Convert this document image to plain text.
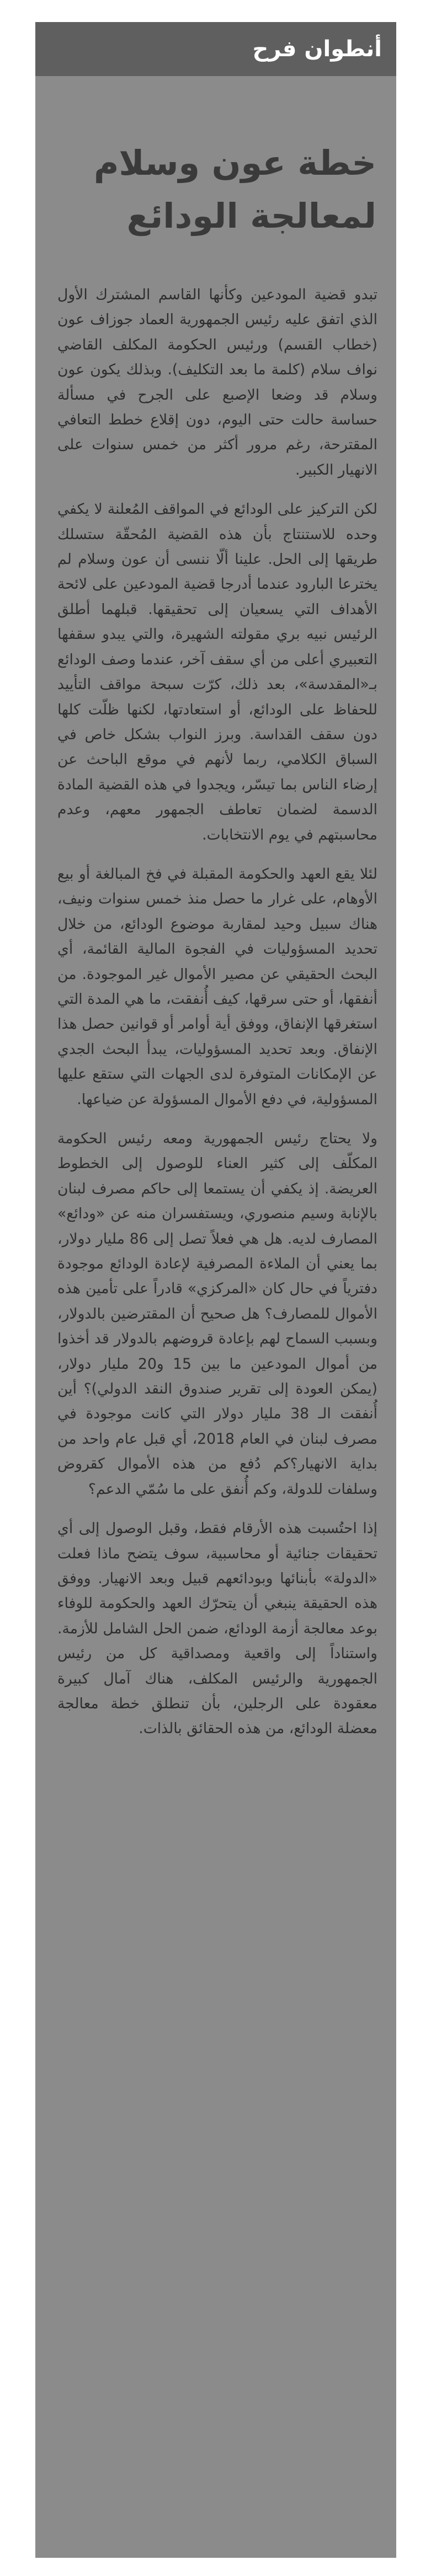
أنطوان فرح
خطة عون وسلام لمعالجة الودائع

تبدو قضية المودعين وكأنها القاسم المشترك الأول الذي اتفق عليه رئيس الجمهورية العماد جوزاف عون (خطاب القسم) ورئيس الحكومة المكلف القاضي نواف سلام (كلمة ما بعد التكليف). وبذلك يكون عون وسلام قد وضعا الإصبع على الجرح في مسألة حساسة حالت حتى اليوم، دون إقلاع خطط التعافي المقترحة، رغم مرور أكثر من خمس سنوات على الانهيار الكبير.

لكن التركيز على الودائع في المواقف المُعلنة لا يكفي وحده للاستنتاج بأن هذه القضية المُحقّة ستسلك طريقها إلى الحل. علينا ألّا ننسى أن عون وسلام لم يخترعا البارود عندما أدرجا قضية المودعين على لائحة الأهداف التي يسعيان إلى تحقيقها. قبلهما أطلق الرئيس نبيه بري مقولته الشهيرة، والتي يبدو سقفها التعبيري أعلى من أي سقف آخر، عندما وصف الودائع بـ«المقدسة»، بعد ذلك، كرّت سبحة مواقف التأييد للحفاظ على الودائع، أو استعادتها، لكنها ظلّت كلها دون سقف القداسة. وبرز النواب بشكل خاص في السباق الكلامي، ربما لأنهم في موقع الباحث عن إرضاء الناس بما تيسّر، ويجدوا في هذه القضية المادة الدسمة لضمان تعاطف الجمهور معهم، وعدم محاسبتهم في يوم الانتخابات.

لئلا يقع العهد والحكومة المقبلة في فخ المبالغة أو بيع الأوهام، على غرار ما حصل منذ خمس سنوات ونيف، هناك سبيل وحيد لمقاربة موضوع الودائع، من خلال تحديد المسؤوليات في الفجوة المالية القائمة، أي البحث الحقيقي عن مصير الأموال غير الموجودة. من أنفقها، أو حتى سرقها، كيف أُنفقت، ما هي المدة التي استغرقها الإنفاق، ووفق أية أوامر أو قوانين حصل هذا الإنفاق. وبعد تحديد المسؤوليات، يبدأ البحث الجدي عن الإمكانات المتوفرة لدى الجهات التي ستقع عليها المسؤولية، في دفع الأموال المسؤولة عن ضياعها.

ولا يحتاج رئيس الجمهورية ومعه رئيس الحكومة المكلّف إلى كثير العناء للوصول إلى الخطوط العريضة. إذ يكفي أن يستمعا إلى حاكم مصرف لبنان بالإنابة وسيم منصوري، ويستفسران منه عن «ودائع» المصارف لديه. هل هي فعلاً تصل إلى 86 مليار دولار، بما يعني أن الملاءة المصرفية لإعادة الودائع موجودة دفترياً في حال كان «المركزي» قادراً على تأمين هذه الأموال للمصارف؟ هل صحيح أن المقترضين بالدولار، وبسبب السماح لهم بإعادة قروضهم بالدولار قد أخذوا من أموال المودعين ما بين 15 و20 مليار دولار، (يمكن العودة إلى تقرير صندوق النقد الدولي)؟ أين أُنفقت الـ 38 مليار دولار التي كانت موجودة في مصرف لبنان في العام 2018، أي قبل عام واحد من بداية الانهيار؟كم دُفع من هذه الأموال كقروض وسلفات للدولة، وكم أُنفق على ما سُمّي الدعم؟

إذا احتُسبت هذه الأرقام فقط، وقبل الوصول إلى أي تحقيقات جنائية أو محاسبية، سوف يتضح ماذا فعلت «الدولة» بأبنائها وبودائعهم قبيل وبعد الانهيار. ووفق هذه الحقيقة ينبغي أن يتحرّك العهد والحكومة للوفاء بوعد معالجة أزمة الودائع، ضمن الحل الشامل للأزمة. واستناداً إلى واقعية ومصداقية كل من رئيس الجمهورية والرئيس المكلف، هناك آمال كبيرة معقودة على الرجلين، بأن تنطلق خطة معالجة معضلة الودائع، من هذه الحقائق بالذات.
